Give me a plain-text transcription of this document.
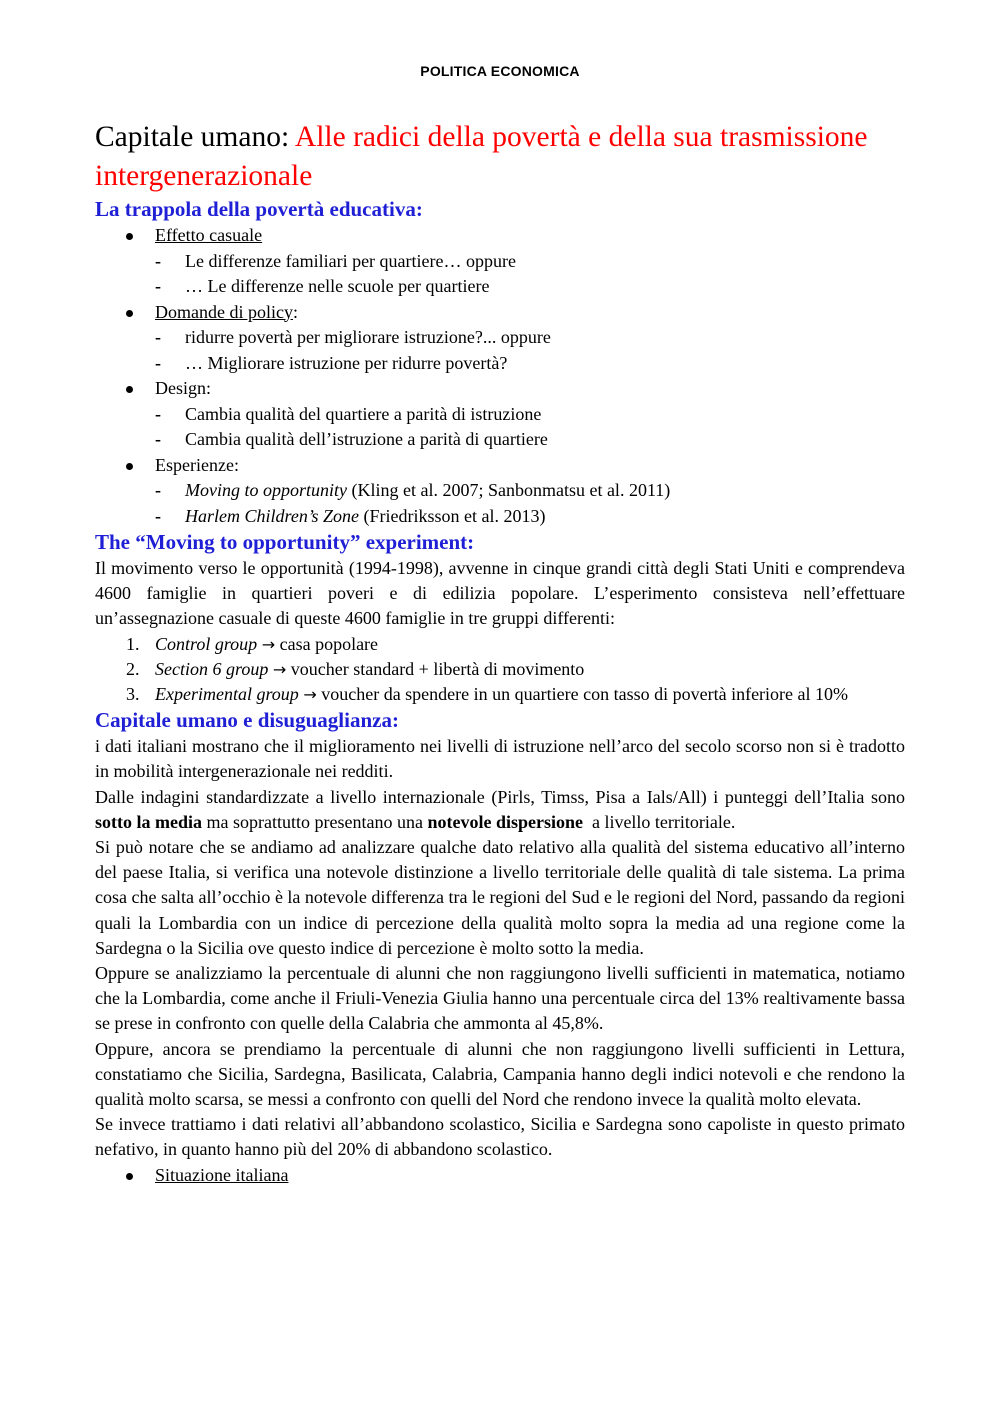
POLITICA ECONOMICA
Capitale umano: Alle radici della povertà e della sua trasmissione intergenerazionale
La trappola della povertà educativa:
Effetto casuale
- Le differenze familiari per quartiere… oppure
- … Le differenze nelle scuole per quartiere
Domande di policy:
- ridurre povertà per migliorare istruzione?... oppure
- … Migliorare istruzione per ridurre povertà?
Design:
- Cambia qualità del quartiere a parità di istruzione
- Cambia qualità dell’istruzione a parità di quartiere
Esperienze:
- Moving to opportunity (Kling et al. 2007; Sanbonmatsu et al. 2011)
- Harlem Children’s Zone (Friedriksson et al. 2013)
The “Moving to opportunity” experiment:

Il movimento verso le opportunità (1994-1998), avvenne in cinque grandi città degli Stati Uniti e comprendeva 4600 famiglie in quartieri poveri e di edilizia popolare. L’esperimento consisteva nell’effettuare un’assegnazione casuale di queste 4600 famiglie in tre gruppi differenti:

1. Control group → casa popolare
2. Section 6 group → voucher standard + libertà di movimento
3. Experimental group → voucher da spendere in un quartiere con tasso di povertà inferiore al 10%
Capitale umano e disuguaglianza:

i dati italiani mostrano che il miglioramento nei livelli di istruzione nell’arco del secolo scorso non si è tradotto in mobilità intergenerazionale nei redditi.

Dalle indagini standardizzate a livello internazionale (Pirls, Timss, Pisa a Ials/All) i punteggi dell’Italia sono sotto la media ma soprattutto presentano una notevole dispersione  a livello territoriale.

Si può notare che se andiamo ad analizzare qualche dato relativo alla qualità del sistema educativo all’interno del paese Italia, si verifica una notevole distinzione a livello territoriale delle qualità di tale sistema. La prima cosa che salta all’occhio è la notevole differenza tra le regioni del Sud e le regioni del Nord, passando da regioni quali la Lombardia con un indice di percezione della qualità molto sopra la media ad una regione come la Sardegna o la Sicilia ove questo indice di percezione è molto sotto la media.

Oppure se analizziamo la percentuale di alunni che non raggiungono livelli sufficienti in matematica, notiamo che la Lombardia, come anche il Friuli-Venezia Giulia hanno una percentuale circa del 13% realtivamente bassa se prese in confronto con quelle della Calabria che ammonta al 45,8%.

Oppure, ancora se prendiamo la percentuale di alunni che non raggiungono livelli sufficienti in Lettura, constatiamo che Sicilia, Sardegna, Basilicata, Calabria, Campania hanno degli indici notevoli e che rendono la qualità molto scarsa, se messi a confronto con quelli del Nord che rendono invece la qualità molto elevata.

Se invece trattiamo i dati relativi all’abbandono scolastico, Sicilia e Sardegna sono capoliste in questo primato nefativo, in quanto hanno più del 20% di abbandono scolastico.

Situazione italiana
